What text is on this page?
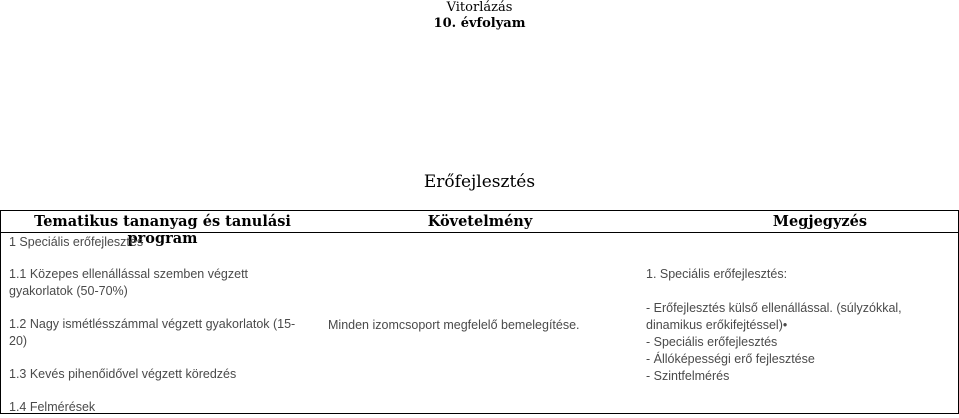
Vitorlázás
10. évfolyam
Erőfejlesztés
Tematikus tananyag és tanulási program
Követelmény	Megjegyzés
1 Speciális erőfejlesztés
1.1 Közepes ellenállással szemben végzett gyakorlatok (50-70%)
1.2 Nagy ismétlésszámmal végzett gyakorlatok (15-20)
1.3 Kevés pihenőidővel végzett köredzés
1.4 Felmérések
Minden izomcsoport megfelelő bemelegítése.
1. Speciális erőfejlesztés:
- Erőfejlesztés külső ellenállással. (súlyzókkal, dinamikus erőkifejtéssel)•
- Speciális erőfejlesztés
- Állóképességi erő fejlesztése
- Szintfelmérés
